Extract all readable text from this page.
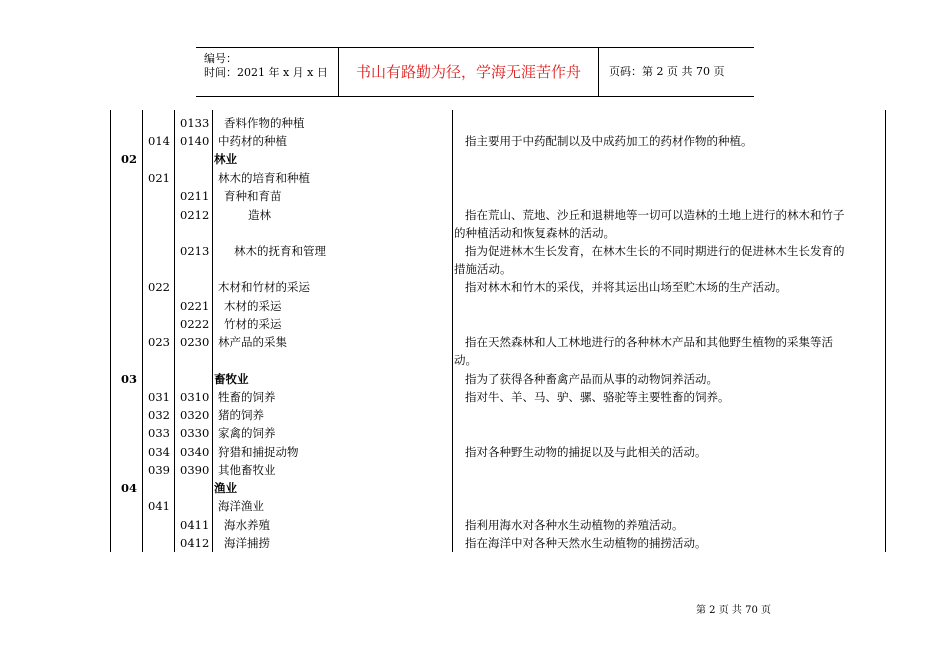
编号：
时间：2021 年 x 月 x 日	书山有路勤为径，学海无涯苦作舟	页码：第 2 页 共 70 页
0133 香料作物的种植
014 0140 中药材的种植	指主要用于中药配制以及中成药加工的药材作物的种植。
02	林业
021	林木的培育和种植
0211 育种和育苗
0212	造林	指在荒山、荒地、沙丘和退耕地等一切可以造林的土地上进行的林木和竹子
的种植活动和恢复森林的活动。
0213 林木的抚育和管理	指为促进林木生长发育，在林木生长的不同时期进行的促进林木生长发育的
措施活动。
022	木材和竹材的采运	指对林木和竹木的采伐，并将其运出山场至贮木场的生产活动。
0221 木材的采运
0222 竹材的采运
023 0230 林产品的采集	指在天然森林和人工林地进行的各种林木产品和其他野生植物的采集等活
动。
03	畜牧业	指为了获得各种畜禽产品而从事的动物饲养活动。
031 0310 牲畜的饲养	指对牛、羊、马、驴、骡、骆驼等主要牲畜的饲养。
032 0320 猪的饲养
033 0330 家禽的饲养
034 0340 狩猎和捕捉动物	指对各种野生动物的捕捉以及与此相关的活动。
039 0390 其他畜牧业
04	渔业
041	海洋渔业
0411 海水养殖	指利用海水对各种水生动植物的养殖活动。
0412 海洋捕捞	指在海洋中对各种天然水生动植物的捕捞活动。
第 2 页 共 70 页
